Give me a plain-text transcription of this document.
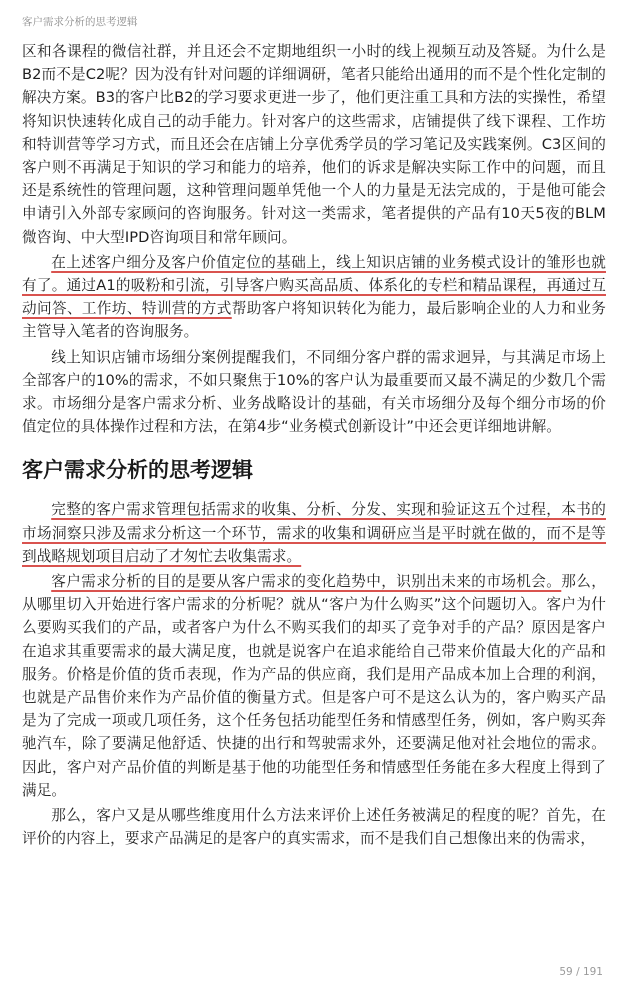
客户需求分析的思考逻辑

区和各课程的微信社群，并且还会不定期地组织一小时的线上视频互动及答疑。为什么是B2而不是C2呢？因为没有针对问题的详细调研，笔者只能给出通用的而不是个性化定制的解决方案。B3的客户比B2的学习要求更进一步了，他们更注重工具和方法的实操性，希望将知识快速转化成自己的动手能力。针对客户的这些需求，店铺提供了线下课程、工作坊和特训营等学习方式，而且还会在店铺上分享优秀学员的学习笔记及实践案例。C3区间的客户则不再满足于知识的学习和能力的培养，他们的诉求是解决实际工作中的问题，而且还是系统性的管理问题，这种管理问题单凭他一个人的力量是无法完成的，于是他可能会申请引入外部专家顾问的咨询服务。针对这一类需求，笔者提供的产品有10天5夜的BLM微咨询、中大型IPD咨询项目和常年顾问。

在上述客户细分及客户价值定位的基础上，线上知识店铺的业务模式设计的雏形也就有了。通过A1的吸粉和引流，引导客户购买高品质、体系化的专栏和精品课程，再通过互动问答、工作坊、特训营的方式帮助客户将知识转化为能力，最后影响企业的人力和业务主管导入笔者的咨询服务。

线上知识店铺市场细分案例提醒我们，不同细分客户群的需求迥异，与其满足市场上全部客户的10%的需求，不如只聚焦于10%的客户认为最重要而又最不满足的少数几个需求。市场细分是客户需求分析、业务战略设计的基础，有关市场细分及每个细分市场的价值定位的具体操作过程和方法，在第4步“业务模式创新设计”中还会更详细地讲解。

客户需求分析的思考逻辑

完整的客户需求管理包括需求的收集、分析、分发、实现和验证这五个过程，本书的市场洞察只涉及需求分析这一个环节，需求的收集和调研应当是平时就在做的，而不是等到战略规划项目启动了才匆忙去收集需求。

客户需求分析的目的是要从客户需求的变化趋势中，识别出未来的市场机会。那么，从哪里切入开始进行客户需求的分析呢？就从“客户为什么购买”这个问题切入。客户为什么要购买我们的产品，或者客户为什么不购买我们的却买了竞争对手的产品？原因是客户在追求其重要需求的最大满足度，也就是说客户在追求能给自己带来价值最大化的产品和服务。价格是价值的货币表现，作为产品的供应商，我们是用产品成本加上合理的利润，也就是产品售价来作为产品价值的衡量方式。但是客户可不是这么认为的，客户购买产品是为了完成一项或几项任务，这个任务包括功能型任务和情感型任务，例如，客户购买奔驰汽车，除了要满足他舒适、快捷的出行和驾驶需求外，还要满足他对社会地位的需求。因此，客户对产品价值的判断是基于他的功能型任务和情感型任务能在多大程度上得到了满足。

那么，客户又是从哪些维度用什么方法来评价上述任务被满足的程度的呢？首先，在评价的内容上，要求产品满足的是客户的真实需求，而不是我们自己想像出来的伪需求，

59 / 191
